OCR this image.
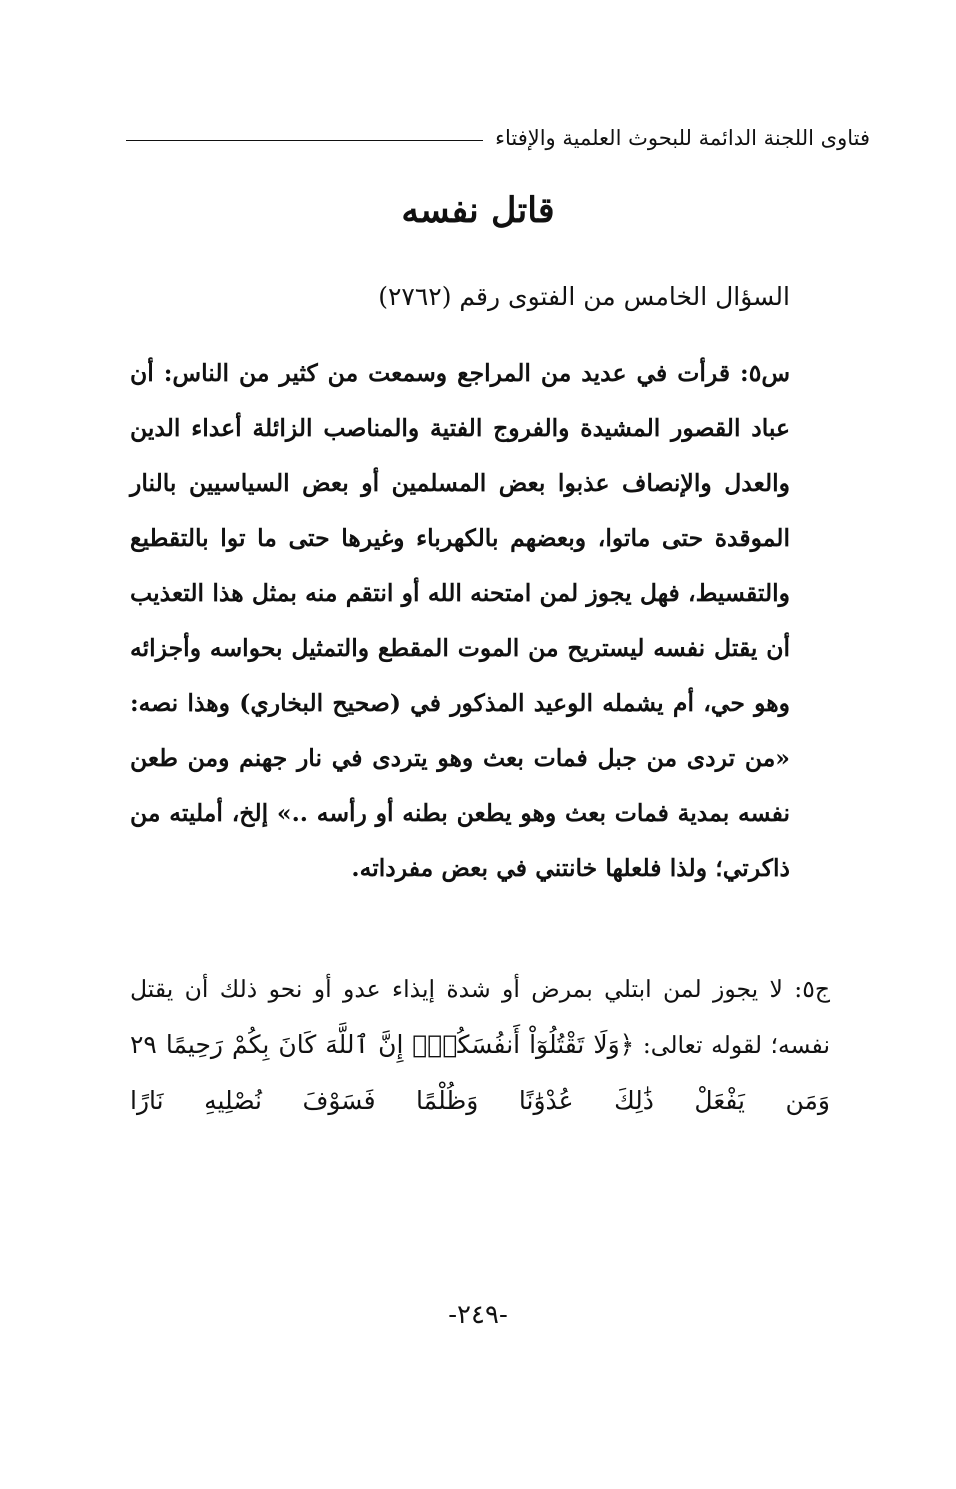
فتاوى اللجنة الدائمة للبحوث العلمية والإفتاء
قاتل نفسه
السؤال الخامس من الفتوى رقم (٢٧٦٢)
س٥: قرأت في عديد من المراجع وسمعت من كثير من الناس: أن عباد القصور المشيدة والفروج الفتية والمناصب الزائلة أعداء الدين والعدل والإنصاف عذبوا بعض المسلمين أو بعض السياسيين بالنار الموقدة حتى ماتوا، وبعضهم بالكهرباء وغيرها حتى ما توا بالتقطيع والتقسيط، فهل يجوز لمن امتحنه الله أو انتقم منه بمثل هذا التعذيب أن يقتل نفسه ليستريح من الموت المقطع والتمثيل بحواسه وأجزائه وهو حي، أم يشمله الوعيد المذكور في (صحيح البخاري) وهذا نصه: «من تردى من جبل فمات بعث وهو يتردى في نار جهنم ومن طعن نفسه بمدية فمات بعث وهو يطعن بطنه أو رأسه ..» إلخ، أمليته من ذاكرتي؛ ولذا فلعلها خانتني في بعض مفرداته.
ج٥: لا يجوز لمن ابتلي بمرض أو شدة إيذاء عدو أو نحو ذلك أن يقتل نفسه؛ لقوله تعالى: ﴿وَلَا تَقْتُلُوٓاْ أَنفُسَكُمْۚ إِنَّ ٱللَّهَ كَانَ بِكُمْ رَحِيمًا ٢٩ وَمَن يَفْعَلْ ذَٰلِكَ عُدْوَٰنًا وَظُلْمًا فَسَوْفَ نُصْلِيهِ نَارًا
-٢٤٩-
